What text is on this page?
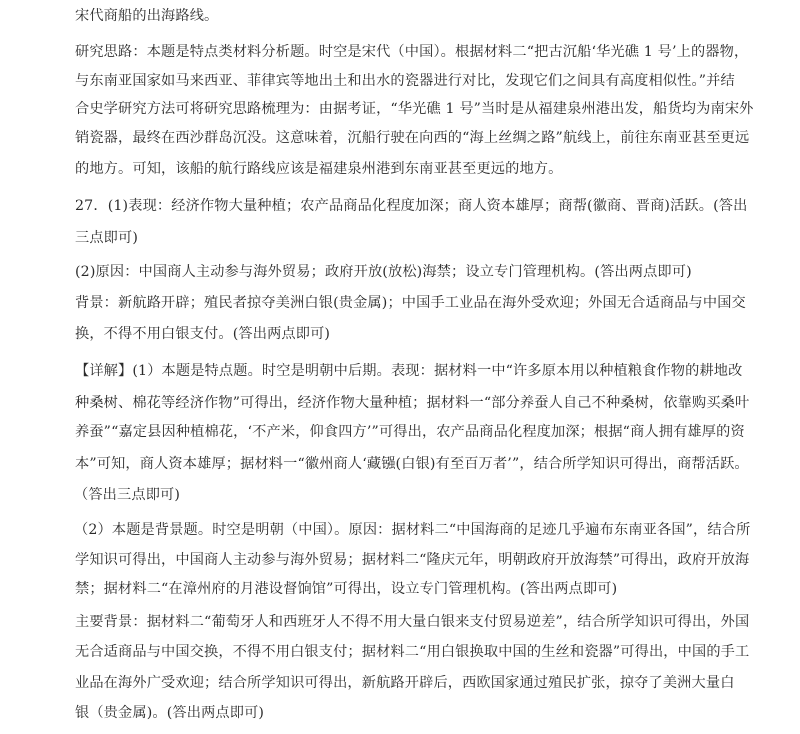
宋代商船的出海路线。
研究思路：本题是特点类材料分析题。时空是宋代（中国）。根据材料二“把古沉船‘华光礁 1 号’上的器物，
与东南亚国家如马来西亚、菲律宾等地出土和出水的瓷器进行对比，发现它们之间具有高度相似性。”并结
合史学研究方法可将研究思路梳理为：由据考证，“华光礁 1 号”当时是从福建泉州港出发，船货均为南宋外
销瓷器，最终在西沙群岛沉没。这意味着，沉船行驶在向西的“海上丝绸之路”航线上，前往东南亚甚至更远
的地方。可知，该船的航行路线应该是福建泉州港到东南亚甚至更远的地方。
27．(1)表现：经济作物大量种植；农产品商品化程度加深；商人资本雄厚；商帮(徽商、晋商)活跃。(答出
三点即可)
(2)原因：中国商人主动参与海外贸易；政府开放(放松)海禁；设立专门管理机构。(答出两点即可)
背景：新航路开辟；殖民者掠夺美洲白银(贵金属)；中国手工业品在海外受欢迎；外国无合适商品与中国交
换，不得不用白银支付。(答出两点即可)
【详解】(1）本题是特点题。时空是明朝中后期。表现：据材料一中“许多原本用以种植粮食作物的耕地改
种桑树、棉花等经济作物”可得出，经济作物大量种植；据材料一“部分养蚕人自己不种桑树，依靠购买桑叶
养蚕”“嘉定县因种植棉花，‘不产米，仰食四方’”可得出，农产品商品化程度加深；根据“商人拥有雄厚的资
本”可知，商人资本雄厚；据材料一“徽州商人‘藏镪(白银)有至百万者’”，结合所学知识可得出，商帮活跃。
（答出三点即可)
（2）本题是背景题。时空是明朝（中国）。原因：据材料二“中国海商的足迹几乎遍布东南亚各国”，结合所
学知识可得出，中国商人主动参与海外贸易；据材料二“隆庆元年，明朝政府开放海禁”可得出，政府开放海
禁；据材料二“在漳州府的月港设督饷馆”可得出，设立专门管理机构。(答出两点即可)
主要背景：据材料二“葡萄牙人和西班牙人不得不用大量白银来支付贸易逆差”，结合所学知识可得出，外国
无合适商品与中国交换，不得不用白银支付；据材料二“用白银换取中国的生丝和瓷器”可得出，中国的手工
业品在海外广受欢迎；结合所学知识可得出，新航路开辟后，西欧国家通过殖民扩张，掠夺了美洲大量白
银（贵金属)。(答出两点即可)
